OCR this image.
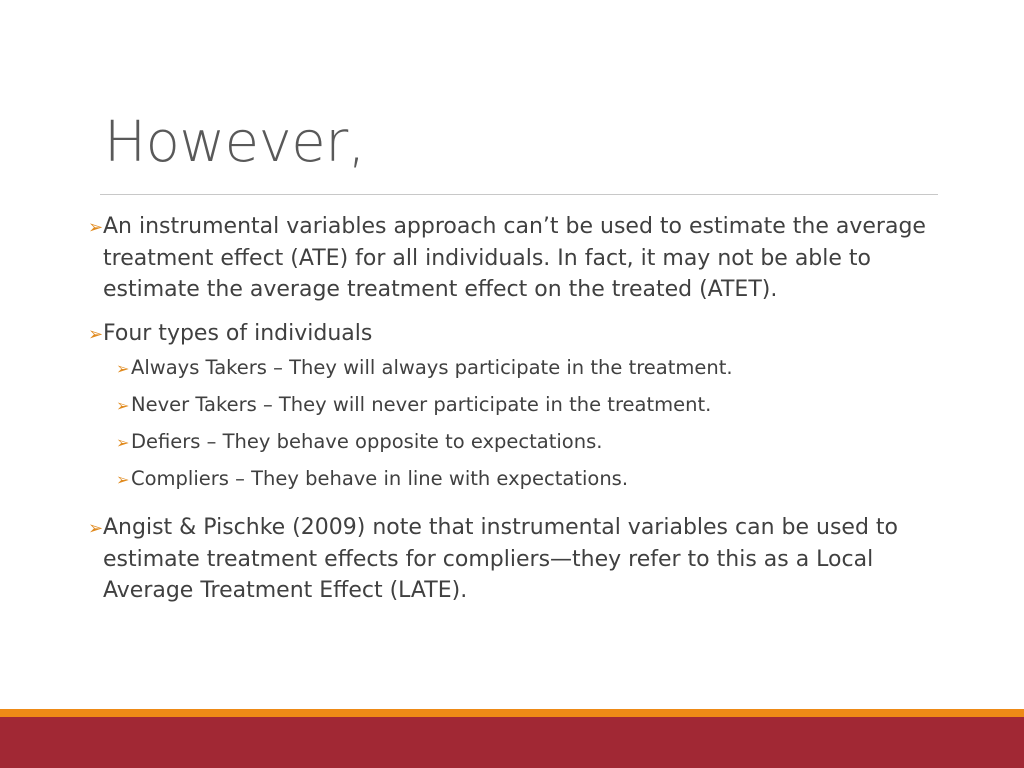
However,

➢An instrumental variables approach can’t be used to estimate the average treatment effect (ATE) for all individuals. In fact, it may not be able to estimate the average treatment effect on the treated (ATET).

➢Four types of individuals

➢Always Takers – They will always participate in the treatment.

➢Never Takers – They will never participate in the treatment.

➢Defiers – They behave opposite to expectations.

➢Compliers – They behave in line with expectations.

➢Angist & Pischke (2009) note that instrumental variables can be used to estimate treatment effects for compliers—they refer to this as a Local Average Treatment Effect (LATE).
